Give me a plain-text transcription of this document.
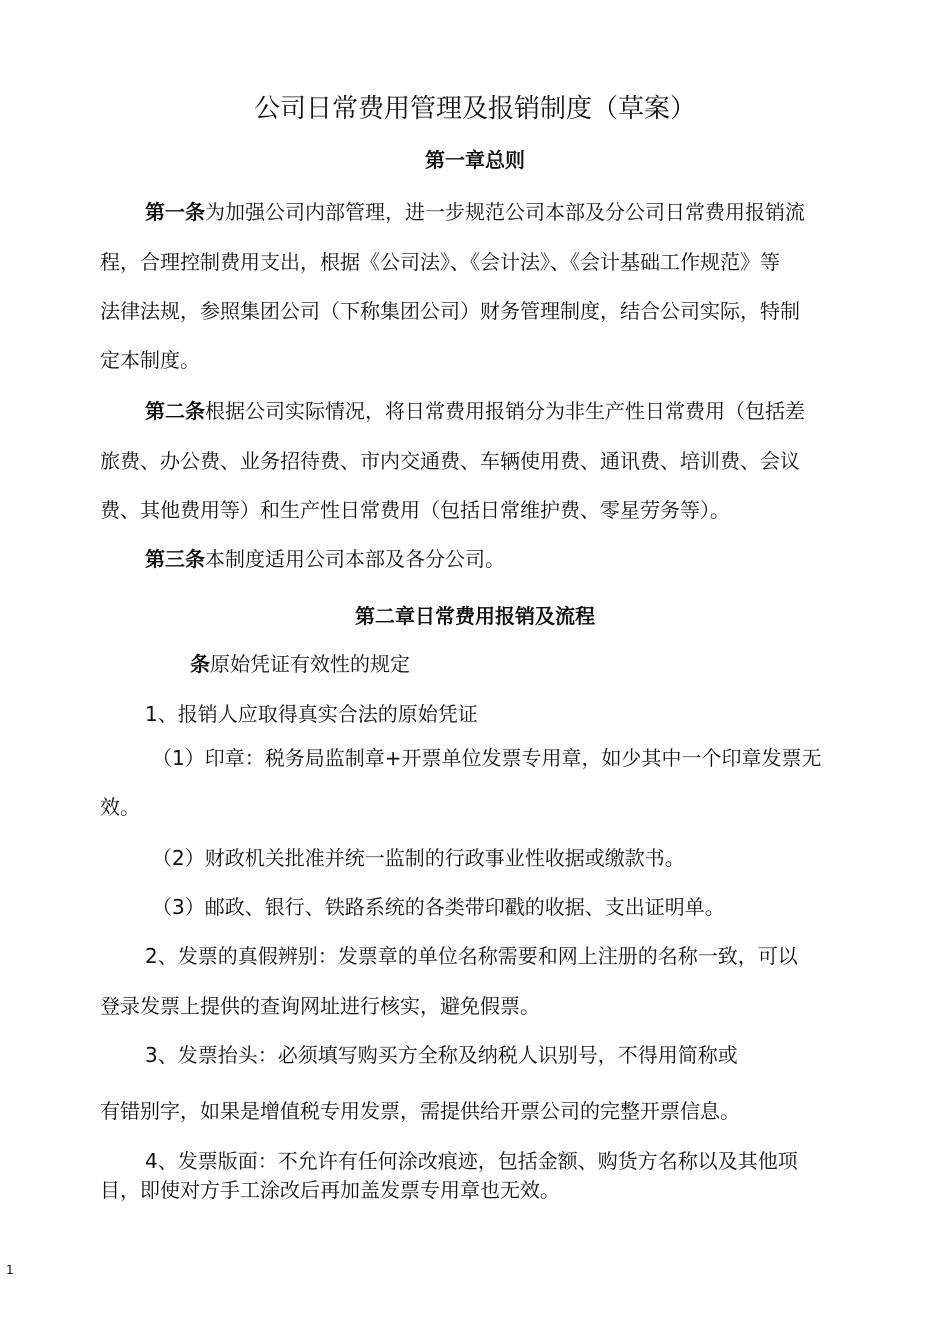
公司日常费用管理及报销制度（草案）
第一章总则
第一条为加强公司内部管理，进一步规范公司本部及分公司日常费用报销流
程，合理控制费用支出，根据《公司法》、《会计法》、《会计基础工作规范》等
法律法规，参照集团公司（下称集团公司）财务管理制度，结合公司实际，特制
定本制度。
第二条根据公司实际情况，将日常费用报销分为非生产性日常费用（包括差
旅费、办公费、业务招待费、市内交通费、车辆使用费、通讯费、培训费、会议
费、其他费用等）和生产性日常费用（包括日常维护费、零星劳务等）。
第三条本制度适用公司本部及各分公司。
第二章日常费用报销及流程
条原始凭证有效性的规定
1、报销人应取得真实合法的原始凭证
（1）印章：税务局监制章+开票单位发票专用章，如少其中一个印章发票无
效。
（2）财政机关批准并统一监制的行政事业性收据或缴款书。
（3）邮政、银行、铁路系统的各类带印戳的收据、支出证明单。
2、发票的真假辨别：发票章的单位名称需要和网上注册的名称一致，可以
登录发票上提供的查询网址进行核实，避免假票。
3、发票抬头：必须填写购买方全称及纳税人识别号，不得用简称或
有错别字，如果是增值税专用发票，需提供给开票公司的完整开票信息。
4、发票版面：不允许有任何涂改痕迹，包括金额、购货方名称以及其他项
目，即使对方手工涂改后再加盖发票专用章也无效。
1
